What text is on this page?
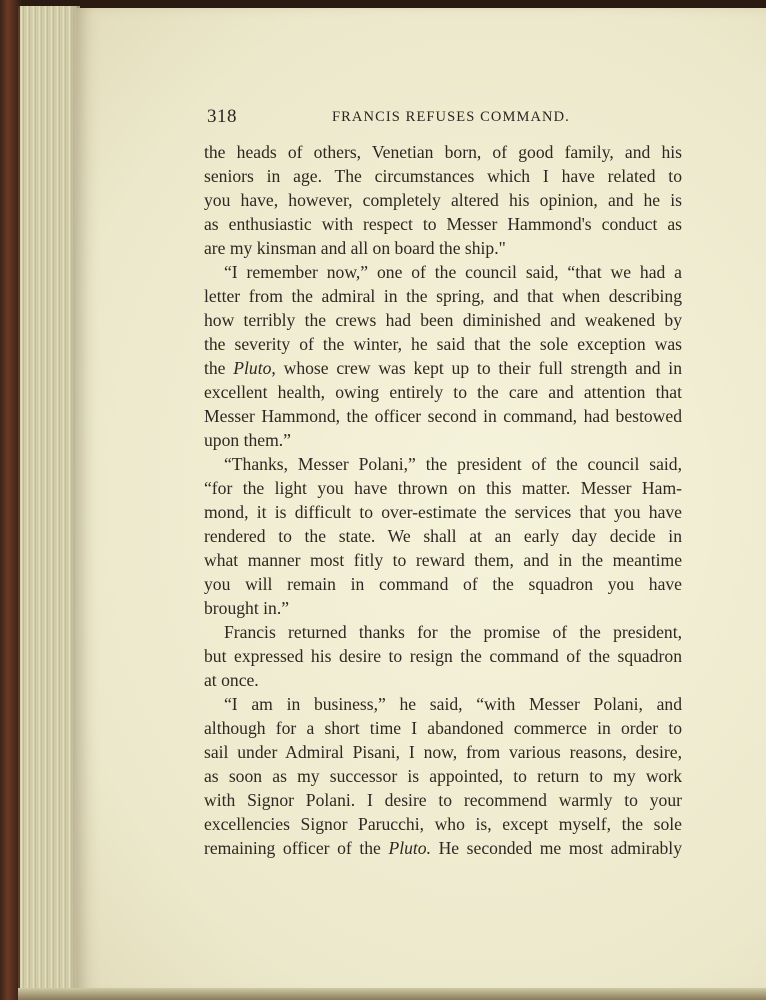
318	FRANCIS REFUSES COMMAND.
the heads of others, Venetian born, of good family, and his
seniors in age. The circumstances which I have related to
you have, however, completely altered his opinion, and he is
as enthusiastic with respect to Messer Hammond's conduct as
are my kinsman and all on board the ship."
“I remember now,” one of the council said, “that we had a
letter from the admiral in the spring, and that when describing
how terribly the crews had been diminished and weakened by
the severity of the winter, he said that the sole exception was
the Pluto, whose crew was kept up to their full strength and in
excellent health, owing entirely to the care and attention that
Messer Hammond, the officer second in command, had bestowed
upon them.”
“Thanks, Messer Polani,” the president of the council said,
“for the light you have thrown on this matter. Messer Ham-
mond, it is difficult to over-estimate the services that you have
rendered to the state. We shall at an early day decide in
what manner most fitly to reward them, and in the meantime
you will remain in command of the squadron you have
brought in.”
Francis returned thanks for the promise of the president,
but expressed his desire to resign the command of the squadron
at once.
“I am in business,” he said, “with Messer Polani, and
although for a short time I abandoned commerce in order to
sail under Admiral Pisani, I now, from various reasons, desire,
as soon as my successor is appointed, to return to my work
with Signor Polani. I desire to recommend warmly to your
excellencies Signor Parucchi, who is, except myself, the sole
remaining officer of the Pluto. He seconded me most admirably
